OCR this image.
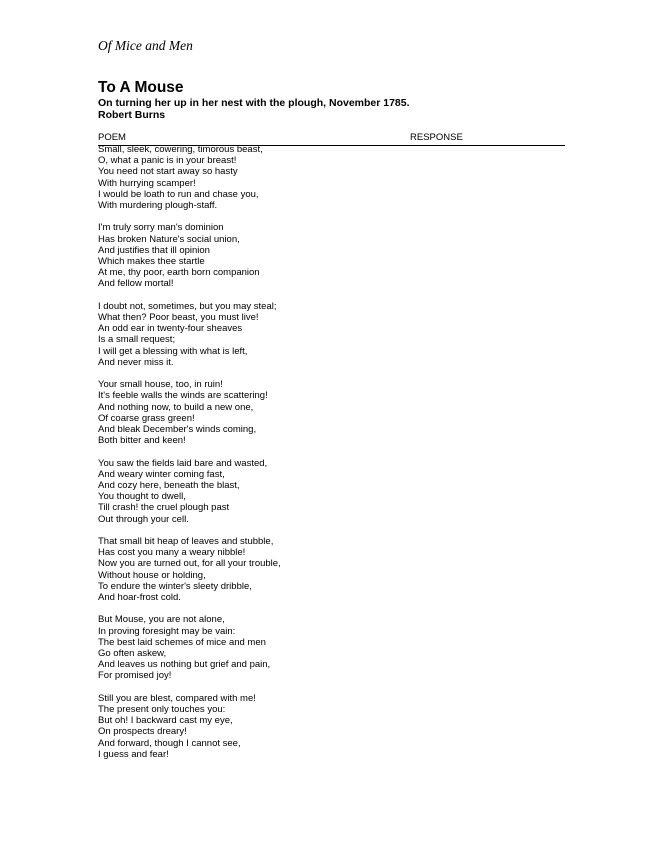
Of Mice and Men
To A Mouse
On turning her up in her nest with the plough, November 1785.
Robert Burns
POEM	RESPONSE
Small, sleek, cowering, timorous beast,
O, what a panic is in your breast!
You need not start away so hasty
With hurrying scamper!
I would be loath to run and chase you,
With murdering plough-staff.
I'm truly sorry man's dominion
Has broken Nature's social union,
And justifies that ill opinion
Which makes thee startle
At me, thy poor, earth born companion
And fellow mortal!
I doubt not, sometimes, but you may steal;
What then? Poor beast, you must live!
An odd ear in twenty-four sheaves
Is a small request;
I will get a blessing with what is left,
And never miss it.
Your small house, too, in ruin!
It's feeble walls the winds are scattering!
And nothing now, to build a new one,
Of coarse grass green!
And bleak December's winds coming,
Both bitter and keen!
You saw the fields laid bare and wasted,
And weary winter coming fast,
And cozy here, beneath the blast,
You thought to dwell,
Till crash! the cruel plough past
Out through your cell.
That small bit heap of leaves and stubble,
Has cost you many a weary nibble!
Now you are turned out, for all your trouble,
Without house or holding,
To endure the winter's sleety dribble,
And hoar-frost cold.
But Mouse, you are not alone,
In proving foresight may be vain:
The best laid schemes of mice and men
Go often askew,
And leaves us nothing but grief and pain,
For promised joy!
Still you are blest, compared with me!
The present only touches you:
But oh! I backward cast my eye,
On prospects dreary!
And forward, though I cannot see,
I guess and fear!
